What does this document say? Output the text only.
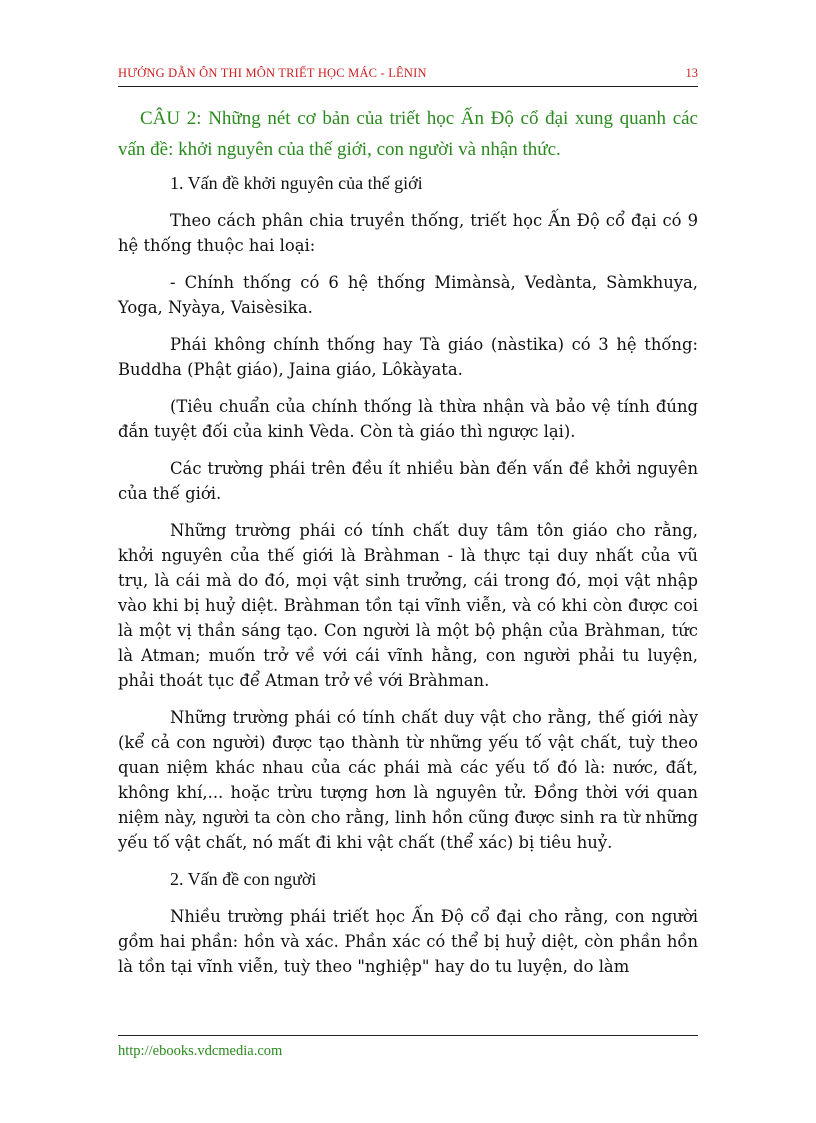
HƯỚNG DẪN ÔN THI MÔN TRIẾT HỌC MÁC - LÊNIN	13

CÂU 2: Những nét cơ bản của triết học Ấn Độ cổ đại xung quanh các vấn đề: khởi nguyên của thế giới, con người và nhận thức.

1. Vấn đề khởi nguyên của thế giới

Theo cách phân chia truyền thống, triết học Ấn Độ cổ đại có 9 hệ thống thuộc hai loại:

- Chính thống có 6 hệ thống Mimànsà, Vedànta, Sàmkhuya, Yoga, Nyàya, Vaisèsika.

Phái không chính thống hay Tà giáo (nàstika) có 3 hệ thống: Buddha (Phật giáo), Jaina giáo, Lôkàyata.

(Tiêu chuẩn của chính thống là thừa nhận và bảo vệ tính đúng đắn tuyệt đối của kinh Vèda. Còn tà giáo thì ngược lại).

Các trường phái trên đều ít nhiều bàn đến vấn đề khởi nguyên của thế giới.

Những trường phái có tính chất duy tâm tôn giáo cho rằng, khởi nguyên của thế giới là Bràhman - là thực tại duy nhất của vũ trụ, là cái mà do đó, mọi vật sinh trưởng, cái trong đó, mọi vật nhập vào khi bị huỷ diệt. Bràhman tồn tại vĩnh viễn, và có khi còn được coi là một vị thần sáng tạo. Con người là một bộ phận của Bràhman, tức là Atman; muốn trở về với cái vĩnh hằng, con người phải tu luyện, phải thoát tục để Atman trở về với Bràhman.

Những trường phái có tính chất duy vật cho rằng, thế giới này (kể cả con người) được tạo thành từ những yếu tố vật chất, tuỳ theo quan niệm khác nhau của các phái mà các yếu tố đó là: nước, đất, không khí,... hoặc trừu tượng hơn là nguyên tử. Đồng thời với quan niệm này, người ta còn cho rằng, linh hồn cũng được sinh ra từ những yếu tố vật chất, nó mất đi khi vật chất (thể xác) bị tiêu huỷ.

2. Vấn đề con người

Nhiều trường phái triết học Ấn Độ cổ đại cho rằng, con người gồm hai phần: hồn và xác. Phần xác có thể bị huỷ diệt, còn phần hồn là tồn tại vĩnh viễn, tuỳ theo "nghiệp" hay do tu luyện, do làm

http://ebooks.vdcmedia.com
